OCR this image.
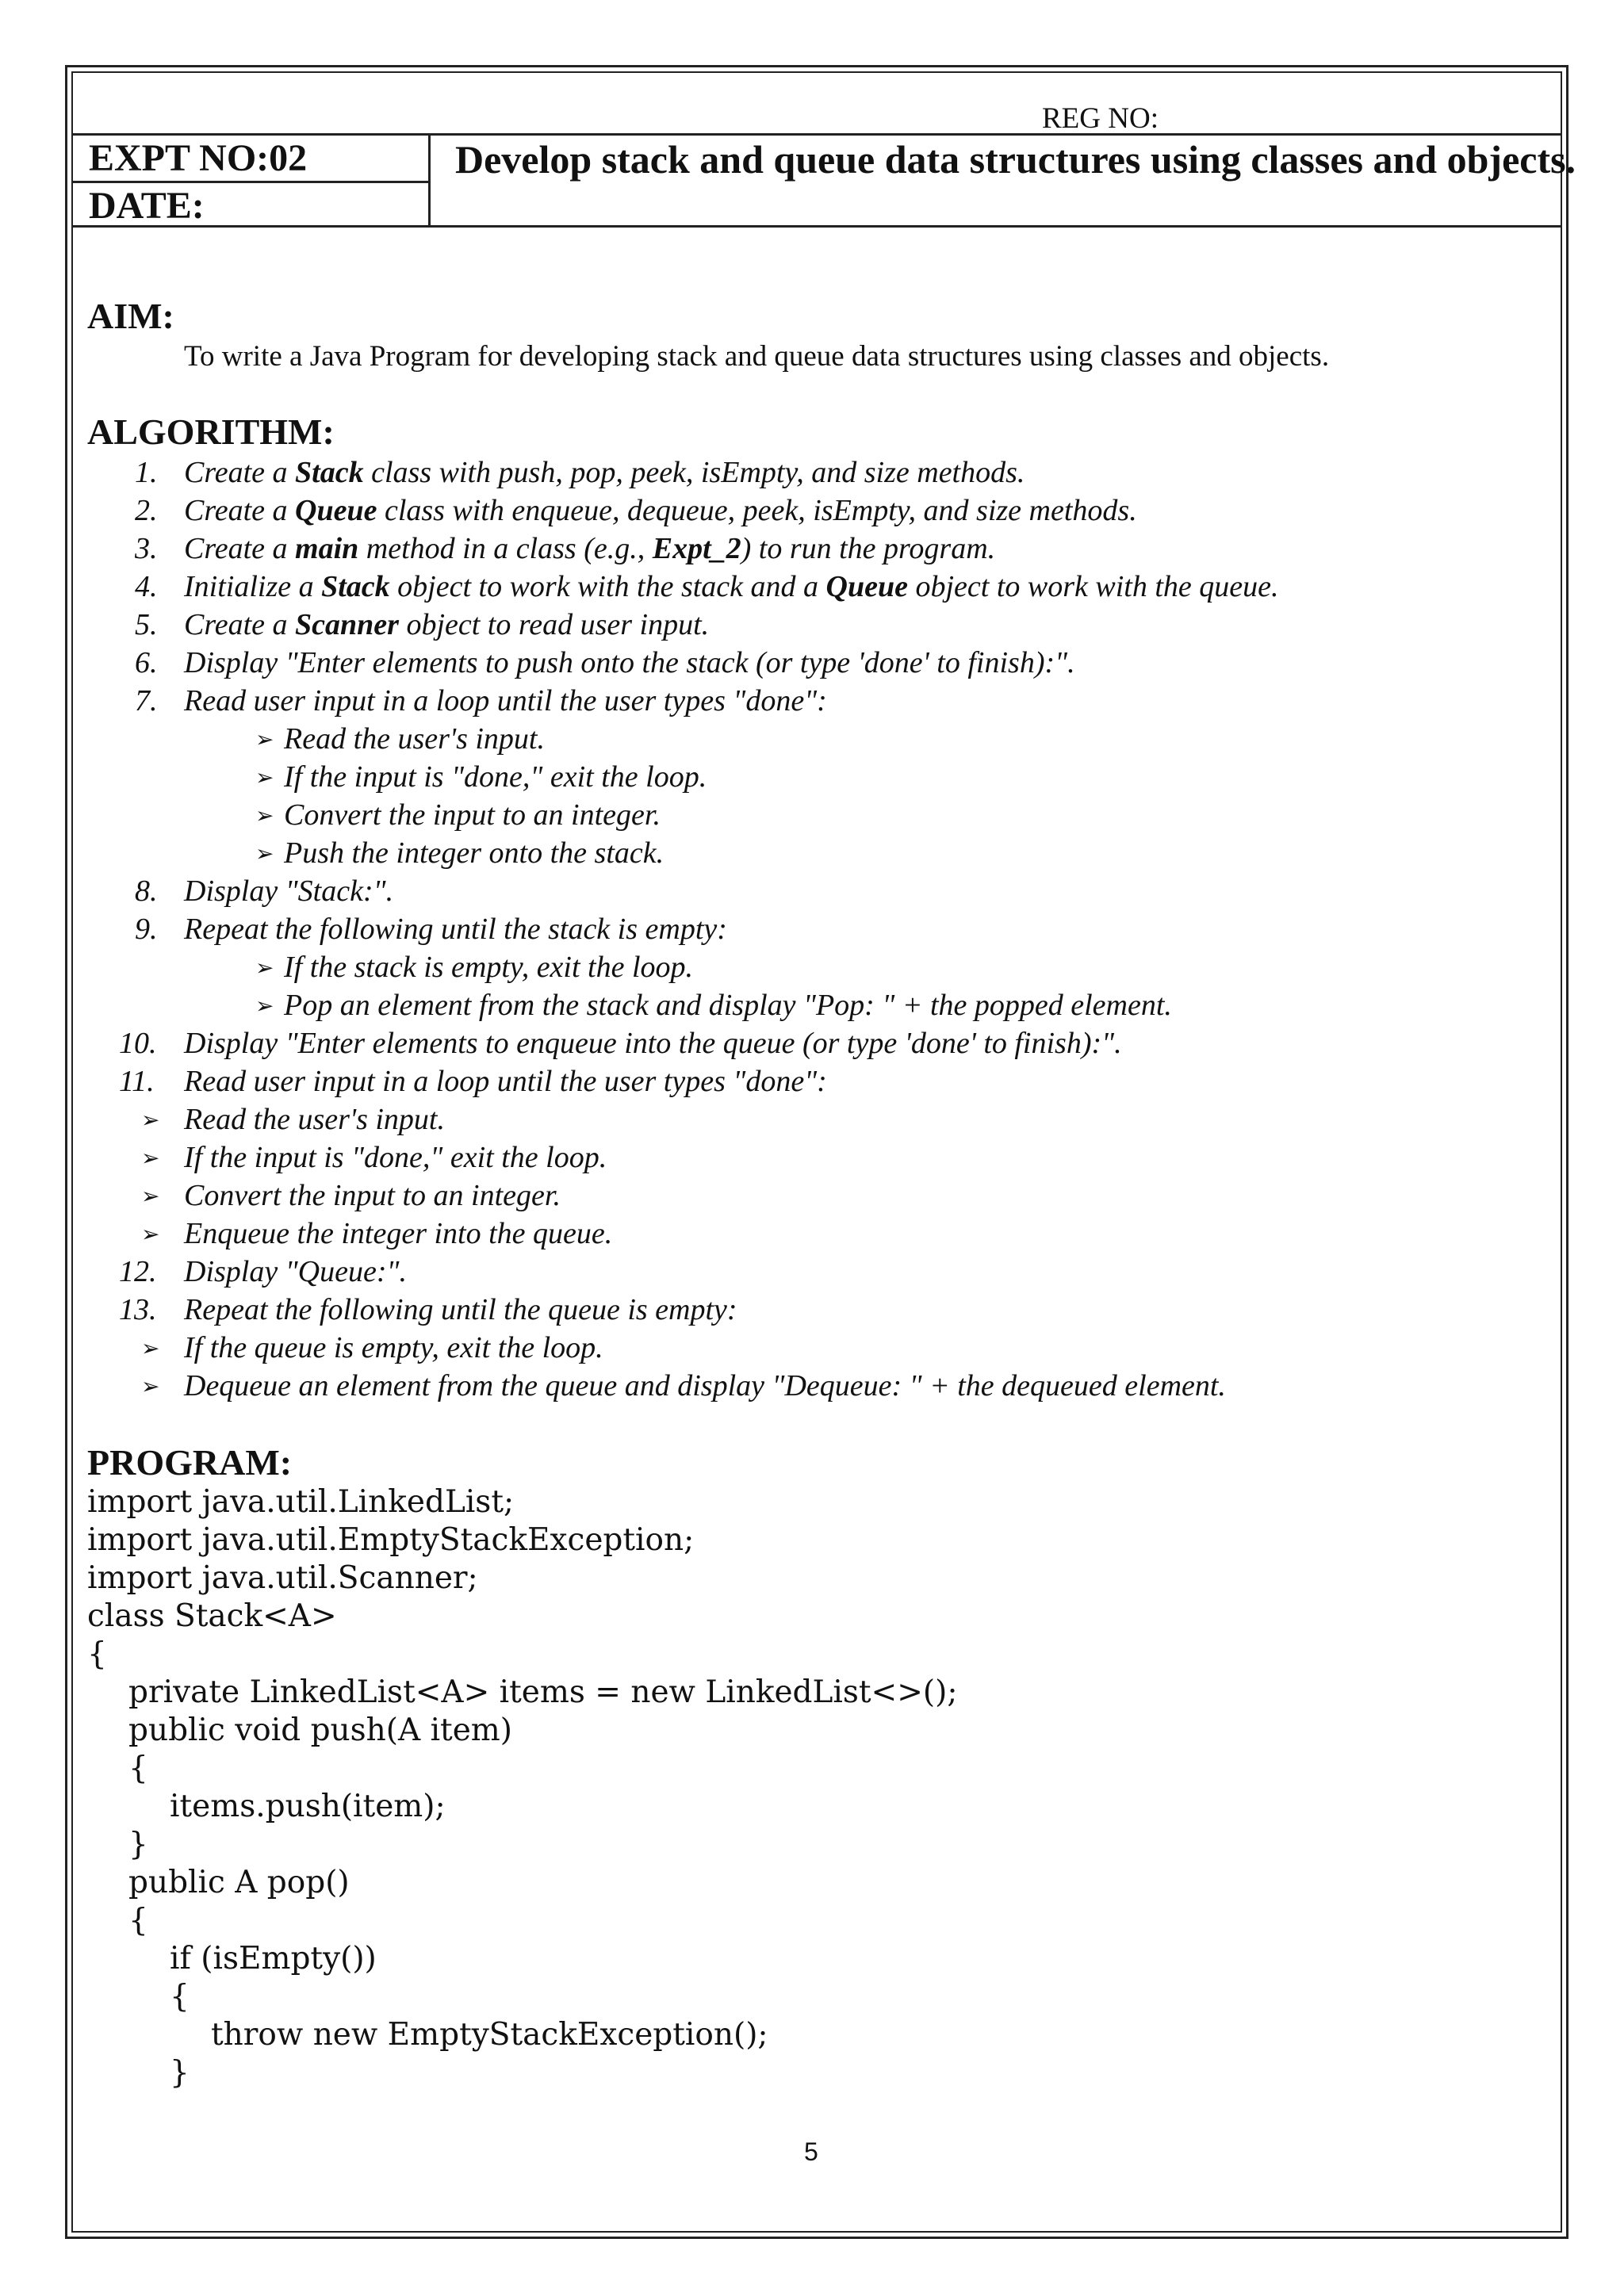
REG NO:
EXPT NO:02
DATE:
Develop stack and queue data structures using classes and objects.
AIM:
To write a Java Program for developing stack and queue data structures using classes and objects.
ALGORITHM:
1. Create a Stack class with push, pop, peek, isEmpty, and size methods.
2. Create a Queue class with enqueue, dequeue, peek, isEmpty, and size methods.
3. Create a main method in a class (e.g., Expt_2) to run the program.
4. Initialize a Stack object to work with the stack and a Queue object to work with the queue.
5. Create a Scanner object to read user input.
6. Display "Enter elements to push onto the stack (or type 'done' to finish):".
7. Read user input in a loop until the user types "done":
➢ Read the user's input.
➢ If the input is "done," exit the loop.
➢ Convert the input to an integer.
➢ Push the integer onto the stack.
8. Display "Stack:".
9. Repeat the following until the stack is empty:
➢ If the stack is empty, exit the loop.
➢ Pop an element from the stack and display "Pop: " + the popped element.
10. Display "Enter elements to enqueue into the queue (or type 'done' to finish):".
11. Read user input in a loop until the user types "done":
➢ Read the user's input.
➢ If the input is "done," exit the loop.
➢ Convert the input to an integer.
➢ Enqueue the integer into the queue.
12. Display "Queue:".
13. Repeat the following until the queue is empty:
➢ If the queue is empty, exit the loop.
➢ Dequeue an element from the queue and display "Dequeue: " + the dequeued element.
PROGRAM:
import java.util.LinkedList;
import java.util.EmptyStackException;
import java.util.Scanner;
class Stack<A>
{
private LinkedList<A> items = new LinkedList<>();
public void push(A item)
{
items.push(item);
}
public A pop()
{
if (isEmpty())
{
throw new EmptyStackException();
}
5
